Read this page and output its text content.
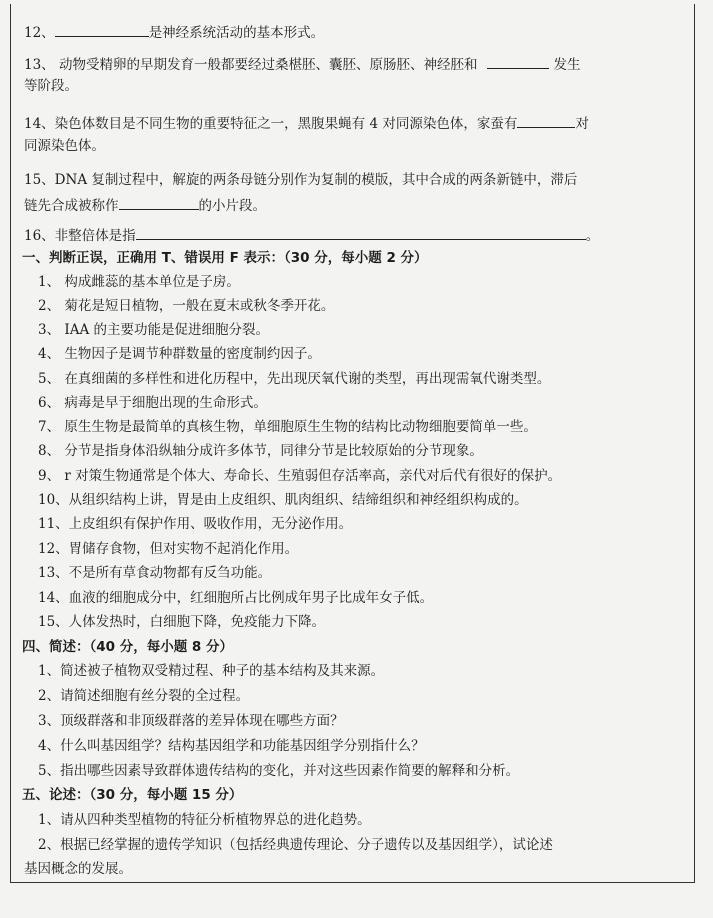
12、	是神经系统活动的基本形式。
13、 动物受精卵的早期发育一般都要经过桑椹胚、囊胚、原肠胚、神经胚和	发生
等阶段。
14、染色体数目是不同生物的重要特征之一，黑腹果蝇有 4 对同源染色体，家蚕有	对
同源染色体。
15、DNA 复制过程中，解旋的两条母链分别作为复制的模版，其中合成的两条新链中，滞后
链先合成被称作	的小片段。
16、非整倍体是指	。
一、判断正误，正确用 T、错误用 F 表示：（30 分，每小题 2 分）
1、 构成雌蕊的基本单位是子房。
2、 菊花是短日植物，一般在夏末或秋冬季开花。
3、 IAA 的主要功能是促进细胞分裂。
4、 生物因子是调节种群数量的密度制约因子。
5、 在真细菌的多样性和进化历程中，先出现厌氧代谢的类型，再出现需氧代谢类型。
6、 病毒是早于细胞出现的生命形式。
7、 原生生物是最简单的真核生物，单细胞原生生物的结构比动物细胞要简单一些。
8、 分节是指身体沿纵轴分成许多体节，同律分节是比较原始的分节现象。
9、 r 对策生物通常是个体大、寿命长、生殖弱但存活率高，亲代对后代有很好的保护。
10、从组织结构上讲，胃是由上皮组织、肌肉组织、结缔组织和神经组织构成的。
11、上皮组织有保护作用、吸收作用，无分泌作用。
12、胃储存食物，但对实物不起消化作用。
13、不是所有草食动物都有反刍功能。
14、血液的细胞成分中，红细胞所占比例成年男子比成年女子低。
15、人体发热时，白细胞下降，免疫能力下降。
四、简述：（40 分，每小题 8 分）
1、简述被子植物双受精过程、种子的基本结构及其来源。
2、请简述细胞有丝分裂的全过程。
3、顶级群落和非顶级群落的差异体现在哪些方面？
4、什么叫基因组学？结构基因组学和功能基因组学分别指什么？
5、指出哪些因素导致群体遗传结构的变化，并对这些因素作简要的解释和分析。
五、论述：（30 分，每小题 15 分）
1、请从四种类型植物的特征分析植物界总的进化趋势。
2、根据已经掌握的遗传学知识（包括经典遗传理论、分子遗传以及基因组学），试论述
基因概念的发展。
